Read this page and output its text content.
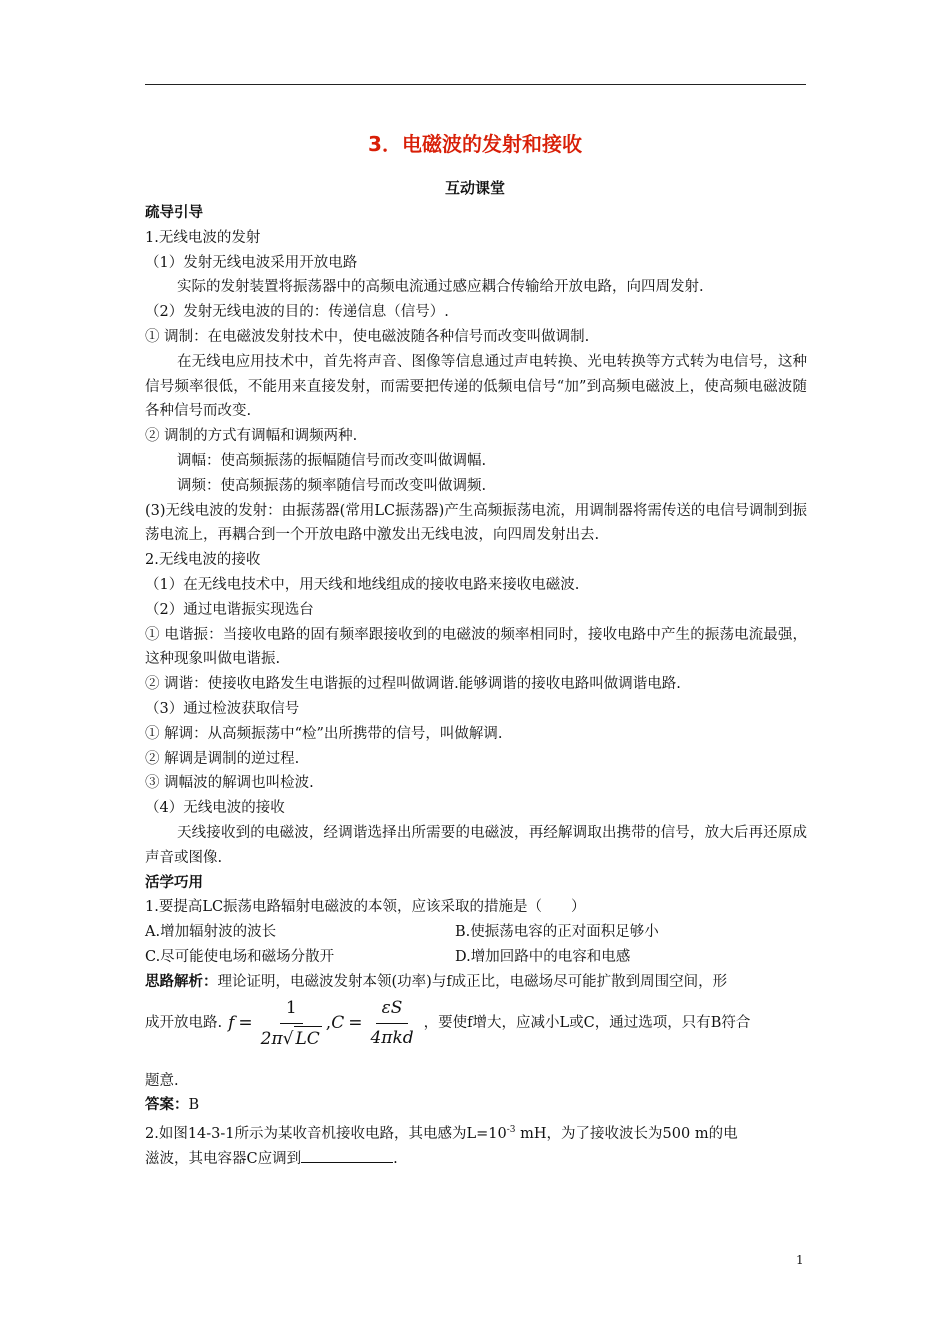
3．电磁波的发射和接收
互动课堂

疏导引导

1.无线电波的发射

（1）发射无线电波采用开放电路

实际的发射装置将振荡器中的高频电流通过感应耦合传输给开放电路，向四周发射.

（2）发射无线电波的目的：传递信息（信号）.

① 调制：在电磁波发射技术中，使电磁波随各种信号而改变叫做调制.

在无线电应用技术中，首先将声音、图像等信息通过声电转换、光电转换等方式转为电信号，这种信号频率很低，不能用来直接发射，而需要把传递的低频电信号“加”到高频电磁波上，使高频电磁波随各种信号而改变.

② 调制的方式有调幅和调频两种.

调幅：使高频振荡的振幅随信号而改变叫做调幅.

调频：使高频振荡的频率随信号而改变叫做调频.

(3)无线电波的发射：由振荡器(常用LC振荡器)产生高频振荡电流，用调制器将需传送的电信号调制到振荡电流上，再耦合到一个开放电路中激发出无线电波，向四周发射出去.

2.无线电波的接收

（1）在无线电技术中，用天线和地线组成的接收电路来接收电磁波.

（2）通过电谐振实现选台

① 电谐振：当接收电路的固有频率跟接收到的电磁波的频率相同时，接收电路中产生的振荡电流最强，这种现象叫做电谐振.

② 调谐：使接收电路发生电谐振的过程叫做调谐.能够调谐的接收电路叫做调谐电路.

（3）通过检波获取信号

① 解调：从高频振荡中“检”出所携带的信号，叫做解调.

② 解调是调制的逆过程.

③ 调幅波的解调也叫检波.

（4）无线电波的接收

天线接收到的电磁波，经调谐选择出所需要的电磁波，再经解调取出携带的信号，放大后再还原成声音或图像.

活学巧用

1.要提高LC振荡电路辐射电磁波的本领，应该采取的措施是（　　）

A.增加辐射波的波长	B.使振荡电容的正对面积足够小
C.尽可能使电场和磁场分散开	D.增加回路中的电容和电感

思路解析：理论证明，电磁波发射本领(功率)与f成正比，电磁场尽可能扩散到周围空间，形

成开放电路. $f = \frac{1}{2\pi √ LC}$ , $C = \frac{\varepsilon S}{\text{4πkd}}$ ，要使f增大，应减小L或C，通过选项，只有B符合

题意.

答案：B

2.如图14-3-1所示为某收音机接收电路，其电感为$L=10^{-3}$ mH，为了接收波长为500 m的电

滋波，其电容器C应调到	.

1
